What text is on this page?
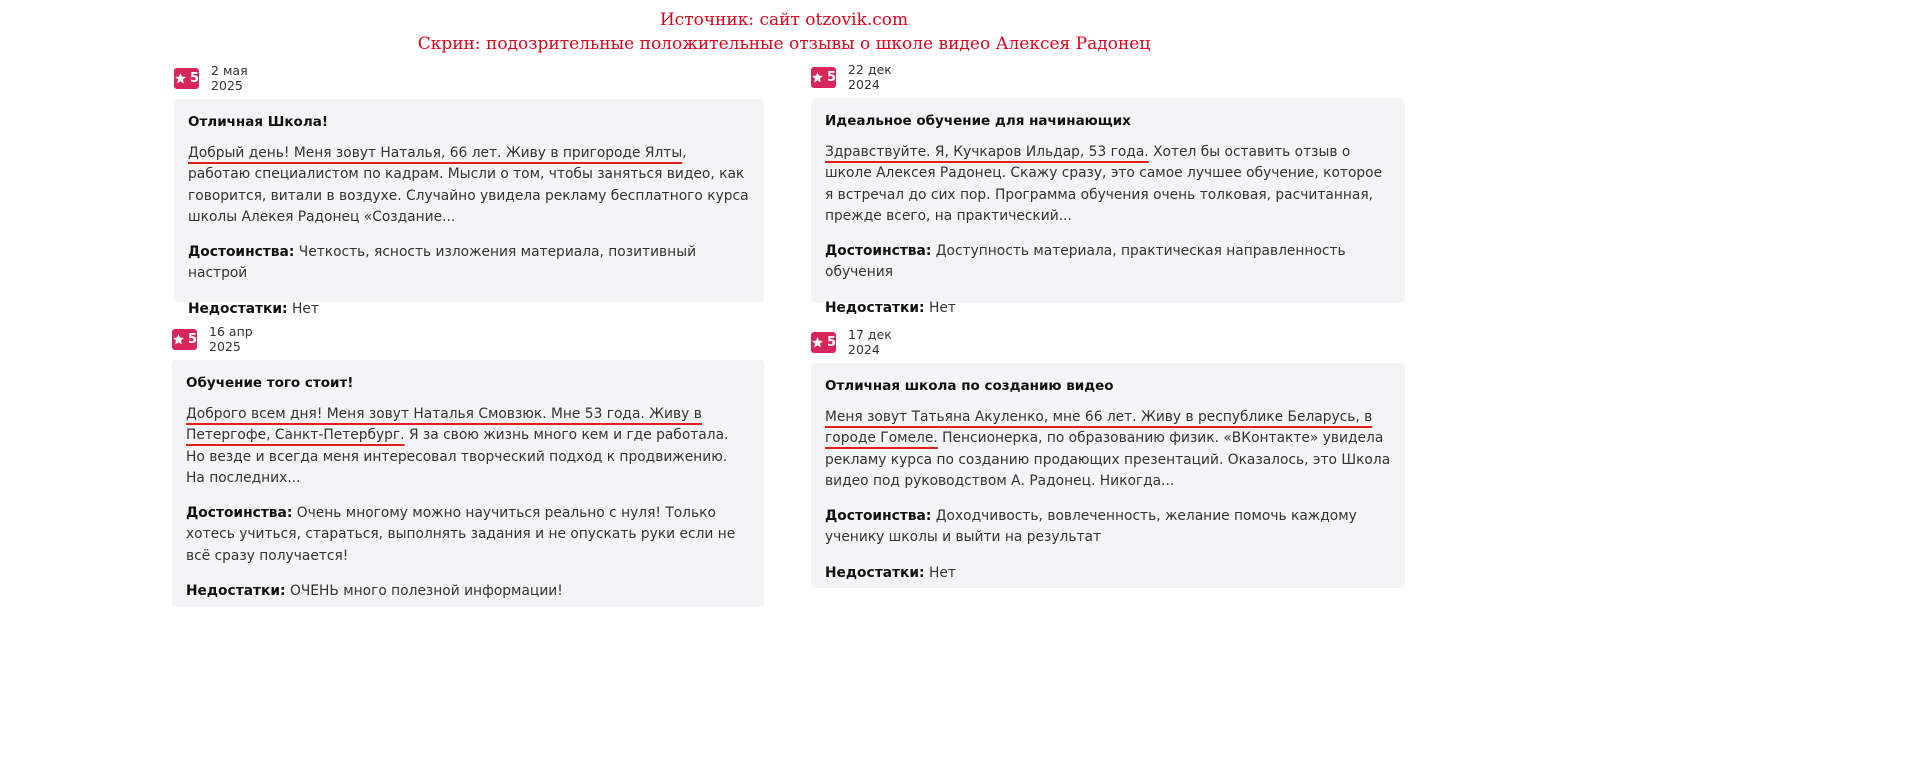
Источник: сайт otzovik.com
Скрин: подозрительные положительные отзывы о школе видео Алексея Радонец
5 2 мая 2025
Отличная Школа!

Добрый день! Меня зовут Наталья, 66 лет. Живу в пригороде Ялты, работаю специалистом по кадрам. Мысли о том, чтобы заняться видео, как говорится, витали в воздухе. Случайно увидела рекламу бесплатного курса школы Алекея Радонец «Создание...

Достоинства: Четкость, ясность изложения материала, позитивный настрой

Недостатки: Нет

5 22 дек 2024
Идеальное обучение для начинающих

Здравствуйте. Я, Кучкаров Ильдар, 53 года. Хотел бы оставить отзыв о школе Алексея Радонец. Скажу сразу, это самое лучшее обучение, которое я встречал до сих пор. Программа обучения очень толковая, расчитанная, прежде всего, на практический...

Достоинства: Доступность материала, практическая направленность обучения

Недостатки: Нет

5 16 апр 2025
Обучение того стоит!

Доброго всем дня! Меня зовут Наталья Смовзюк. Мне 53 года. Живу в Петергофе, Санкт-Петербург. Я за свою жизнь много кем и где работала. Но везде и всегда меня интересовал творческий подход к продвижению. На последних...

Достоинства: Очень многому можно научиться реально с нуля! Только хотесь учиться, стараться, выполнять задания и не опускать руки если не всё сразу получается!

Недостатки: ОЧЕНЬ много полезной информации!

5 17 дек 2024
Отличная школа по созданию видео

Меня зовут Татьяна Акуленко, мне 66 лет. Живу в республике Беларусь, в городе Гомеле. Пенсионерка, по образованию физик. «ВКонтакте» увидела рекламу курса по созданию продающих презентаций. Оказалось, это Школа видео под руководством А. Радонец. Никогда...

Достоинства: Доходчивость, вовлеченность, желание помочь каждому ученику школы и выйти на результат

Недостатки: Нет
